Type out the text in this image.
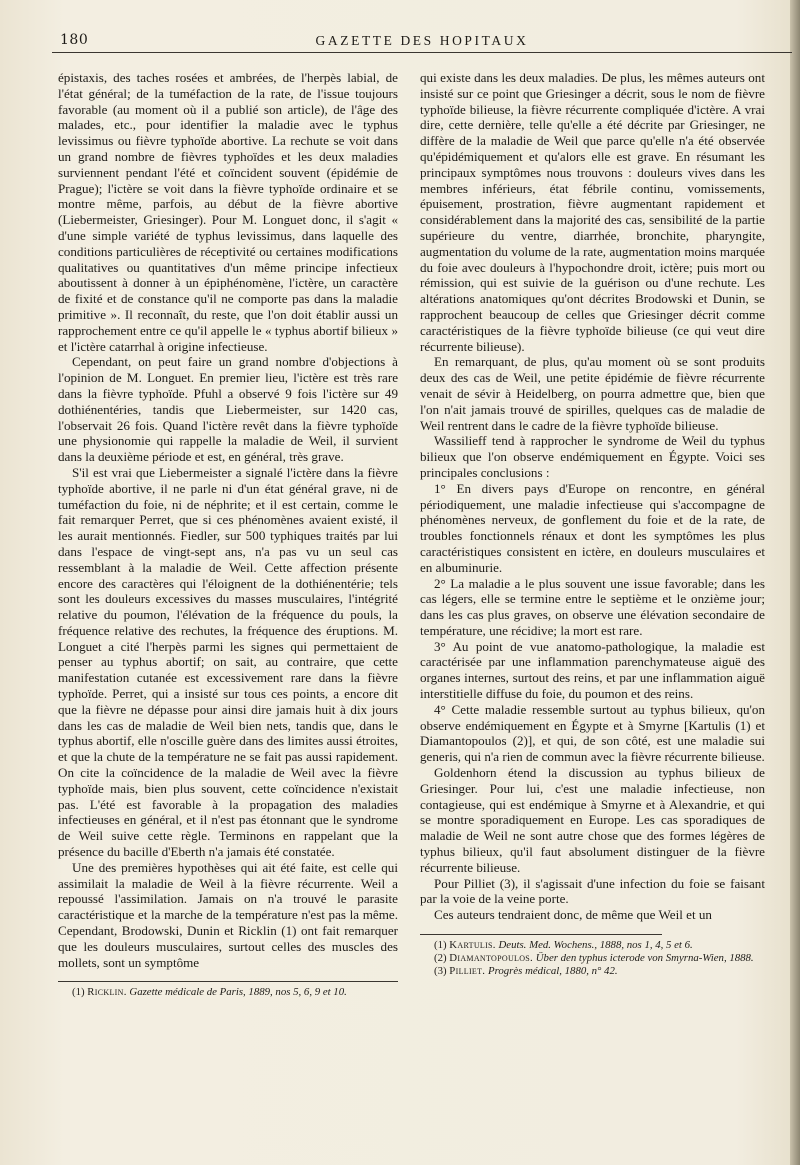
180	GAZETTE DES HOPITAUX

épistaxis, des taches rosées et ambrées, de l'herpès labial, de l'état général; de la tuméfaction de la rate, de l'issue toujours favorable (au moment où il a publié son article), de l'âge des malades, etc., pour identifier la maladie avec le typhus levissimus ou fièvre typhoïde abortive. La rechute se voit dans un grand nombre de fièvres typhoïdes et les deux maladies surviennent pendant l'été et coïncident souvent (épidémie de Prague); l'ictère se voit dans la fièvre typhoïde ordinaire et se montre même, parfois, au début de la fièvre abortive (Liebermeister, Griesinger). Pour M. Longuet donc, il s'agit « d'une simple variété de typhus levissimus, dans laquelle des conditions particulières de réceptivité ou certaines modifications qualitatives ou quantitatives d'un même principe infectieux aboutissent à donner à un épiphénomène, l'ictère, un caractère de fixité et de constance qu'il ne comporte pas dans la maladie primitive ». Il reconnaît, du reste, que l'on doit établir aussi un rapprochement entre ce qu'il appelle le « typhus abortif bilieux » et l'ictère catarrhal à origine infectieuse.

Cependant, on peut faire un grand nombre d'objections à l'opinion de M. Longuet. En premier lieu, l'ictère est très rare dans la fièvre typhoïde. Pfuhl a observé 9 fois l'ictère sur 49 dothiénentéries, tandis que Liebermeister, sur 1420 cas, l'observait 26 fois. Quand l'ictère revêt dans la fièvre typhoïde une physionomie qui rappelle la maladie de Weil, il survient dans la deuxième période et est, en général, très grave.

S'il est vrai que Liebermeister a signalé l'ictère dans la fièvre typhoïde abortive, il ne parle ni d'un état général grave, ni de tuméfaction du foie, ni de néphrite; et il est certain, comme le fait remarquer Perret, que si ces phénomènes avaient existé, il les aurait mentionnés. Fiedler, sur 500 typhiques traités par lui dans l'espace de vingt-sept ans, n'a pas vu un seul cas ressemblant à la maladie de Weil. Cette affection présente encore des caractères qui l'éloignent de la dothiénentérie; tels sont les douleurs excessives du masses musculaires, l'intégrité relative du poumon, l'élévation de la fréquence du pouls, la fréquence relative des rechutes, la fréquence des éruptions. M. Longuet a cité l'herpès parmi les signes qui permettaient de penser au typhus abortif; on sait, au contraire, que cette manifestation cutanée est excessivement rare dans la fièvre typhoïde. Perret, qui a insisté sur tous ces points, a encore dit que la fièvre ne dépasse pour ainsi dire jamais huit à dix jours dans les cas de maladie de Weil bien nets, tandis que, dans le typhus abortif, elle n'oscille guère dans des limites aussi étroites, et que la chute de la température ne se fait pas aussi rapidement. On cite la coïncidence de la maladie de Weil avec la fièvre typhoïde mais, bien plus souvent, cette coïncidence n'existait pas. L'été est favorable à la propagation des maladies infectieuses en général, et il n'est pas étonnant que le syndrome de Weil suive cette règle. Terminons en rappelant que la présence du bacille d'Eberth n'a jamais été constatée.

Une des premières hypothèses qui ait été faite, est celle qui assimilait la maladie de Weil à la fièvre récurrente. Weil a repoussé l'assimilation. Jamais on n'a trouvé le parasite caractéristique et la marche de la température n'est pas la même. Cependant, Brodowski, Dunin et Ricklin (1) ont fait remarquer que les douleurs musculaires, surtout celles des muscles des mollets, sont un symptôme

(1) Ricklin. Gazette médicale de Paris, 1889, nos 5, 6, 9 et 10.

qui existe dans les deux maladies. De plus, les mêmes auteurs ont insisté sur ce point que Griesinger a décrit, sous le nom de fièvre typhoïde bilieuse, la fièvre récurrente compliquée d'ictère. A vrai dire, cette dernière, telle qu'elle a été décrite par Griesinger, ne diffère de la maladie de Weil que parce qu'elle n'a été observée qu'épidémiquement et qu'alors elle est grave. En résumant les principaux symptômes nous trouvons : douleurs vives dans les membres inférieurs, état fébrile continu, vomissements, épuisement, prostration, fièvre augmentant rapidement et considérablement dans la majorité des cas, sensibilité de la partie supérieure du ventre, diarrhée, bronchite, pharyngite, augmentation du volume de la rate, augmentation moins marquée du foie avec douleurs à l'hypochondre droit, ictère; puis mort ou rémission, qui est suivie de la guérison ou d'une rechute. Les altérations anatomiques qu'ont décrites Brodowski et Dunin, se rapprochent beaucoup de celles que Griesinger décrit comme caractéristiques de la fièvre typhoïde bilieuse (ce qui veut dire récurrente bilieuse).

En remarquant, de plus, qu'au moment où se sont produits deux des cas de Weil, une petite épidémie de fièvre récurrente venait de sévir à Heidelberg, on pourra admettre que, bien que l'on n'ait jamais trouvé de spirilles, quelques cas de maladie de Weil rentrent dans le cadre de la fièvre typhoïde bilieuse.

Wassilieff tend à rapprocher le syndrome de Weil du typhus bilieux que l'on observe endémiquement en Égypte. Voici ses principales conclusions :

1° En divers pays d'Europe on rencontre, en général périodiquement, une maladie infectieuse qui s'accompagne de phénomènes nerveux, de gonflement du foie et de la rate, de troubles fonctionnels rénaux et dont les symptômes les plus caractéristiques consistent en ictère, en douleurs musculaires et en albuminurie.

2° La maladie a le plus souvent une issue favorable; dans les cas légers, elle se termine entre le septième et le onzième jour; dans les cas plus graves, on observe une élévation secondaire de température, une récidive; la mort est rare.

3° Au point de vue anatomo-pathologique, la maladie est caractérisée par une inflammation parenchymateuse aiguë des organes internes, surtout des reins, et par une inflammation aiguë interstitielle diffuse du foie, du poumon et des reins.

4° Cette maladie ressemble surtout au typhus bilieux, qu'on observe endémiquement en Égypte et à Smyrne [Kartulis (1) et Diamantopoulos (2)], et qui, de son côté, est une maladie sui generis, qui n'a rien de commun avec la fièvre récurrente bilieuse.

Goldenhorn étend la discussion au typhus bilieux de Griesinger. Pour lui, c'est une maladie infectieuse, non contagieuse, qui est endémique à Smyrne et à Alexandrie, et qui se montre sporadiquement en Europe. Les cas sporadiques de maladie de Weil ne sont autre chose que des formes légères de typhus bilieux, qu'il faut absolument distinguer de la fièvre récurrente bilieuse.

Pour Pilliet (3), il s'agissait d'une infection du foie se faisant par la voie de la veine porte.

Ces auteurs tendraient donc, de même que Weil et un

(1) Kartulis. Deuts. Med. Wochens., 1888, nos 1, 4, 5 et 6.

(2) Diamantopoulos. Über den typhus icterode von Smyrna-Wien, 1888.

(3) Pilliet. Progrès médical, 1880, n° 42.
